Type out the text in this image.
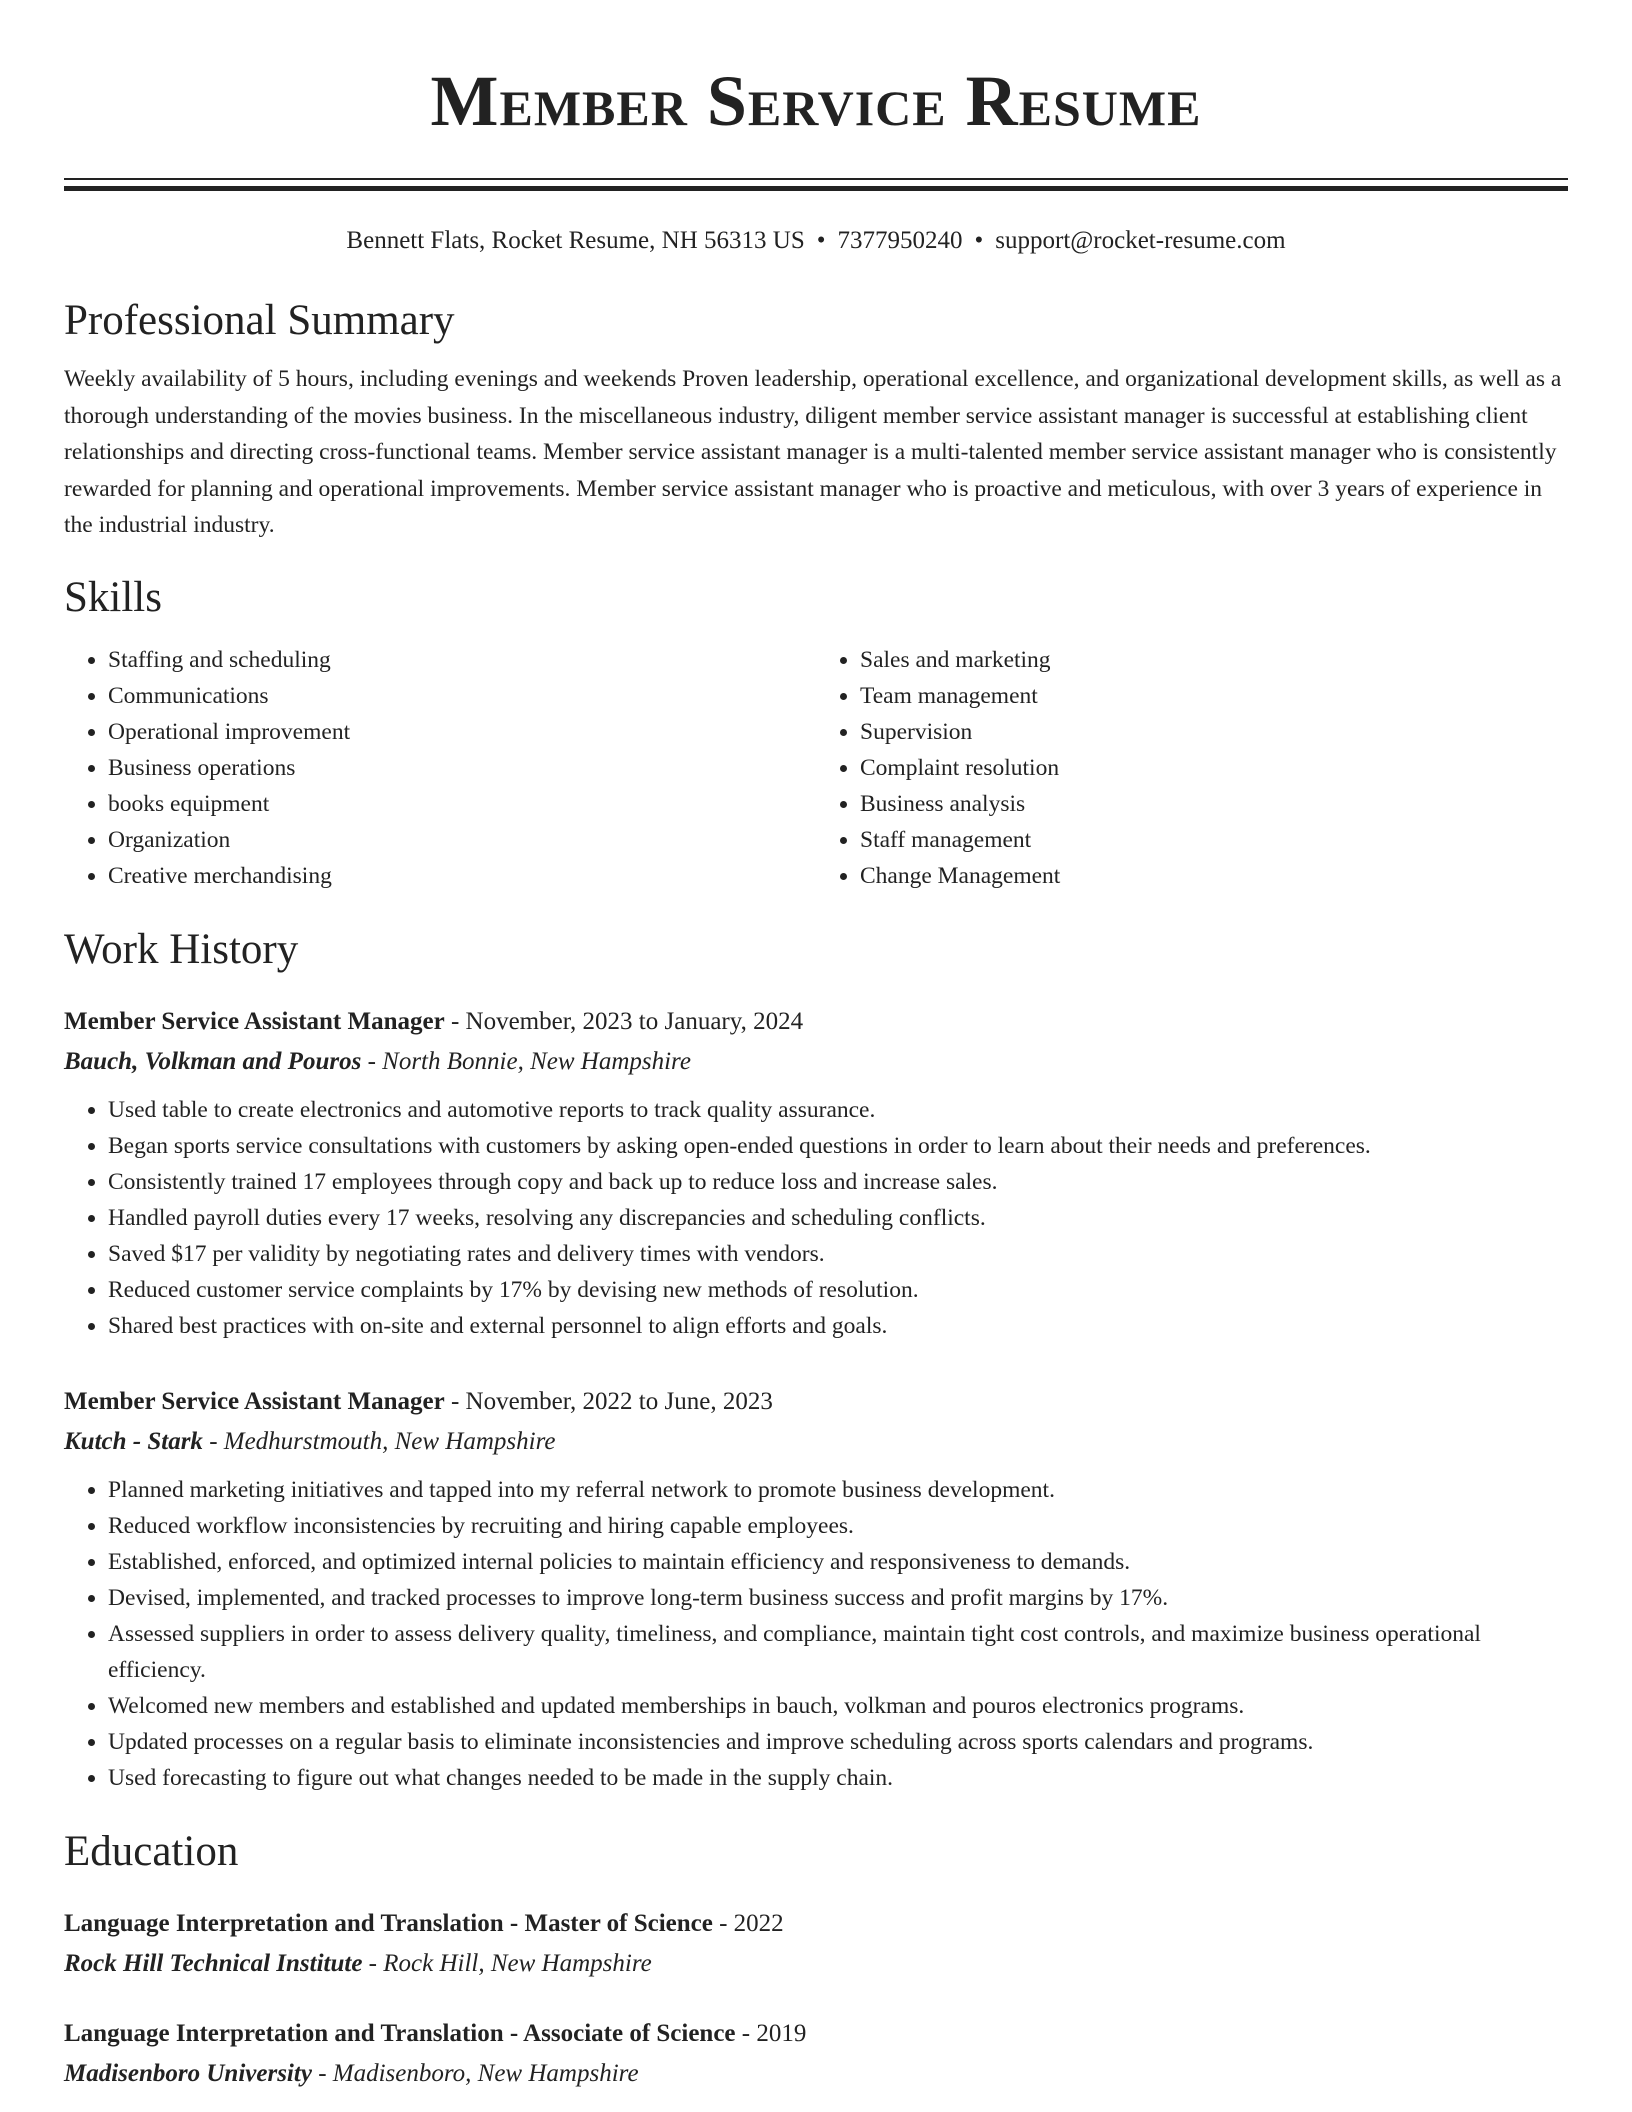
Member Service Resume
Bennett Flats, Rocket Resume, NH 56313 US • 7377950240 • support@rocket-resume.com
Professional Summary

Weekly availability of 5 hours, including evenings and weekends Proven leadership, operational excellence, and organizational development skills, as well as a thorough understanding of the movies business. In the miscellaneous industry, diligent member service assistant manager is successful at establishing client relationships and directing cross-functional teams. Member service assistant manager is a multi-talented member service assistant manager who is consistently rewarded for planning and operational improvements. Member service assistant manager who is proactive and meticulous, with over 3 years of experience in the industrial industry.

Skills
• Staffing and scheduling
• Communications
• Operational improvement
• Business operations
• books equipment
• Organization
• Creative merchandising
• Sales and marketing
• Team management
• Supervision
• Complaint resolution
• Business analysis
• Staff management
• Change Management
Work History
Member Service Assistant Manager - November, 2023 to January, 2024
Bauch, Volkman and Pouros - North Bonnie, New Hampshire
• Used table to create electronics and automotive reports to track quality assurance.
• Began sports service consultations with customers by asking open-ended questions in order to learn about their needs and preferences.
• Consistently trained 17 employees through copy and back up to reduce loss and increase sales.
• Handled payroll duties every 17 weeks, resolving any discrepancies and scheduling conflicts.
• Saved $17 per validity by negotiating rates and delivery times with vendors.
• Reduced customer service complaints by 17% by devising new methods of resolution.
• Shared best practices with on-site and external personnel to align efforts and goals.
Member Service Assistant Manager - November, 2022 to June, 2023
Kutch - Stark - Medhurstmouth, New Hampshire
• Planned marketing initiatives and tapped into my referral network to promote business development.
• Reduced workflow inconsistencies by recruiting and hiring capable employees.
• Established, enforced, and optimized internal policies to maintain efficiency and responsiveness to demands.
• Devised, implemented, and tracked processes to improve long-term business success and profit margins by 17%.
• Assessed suppliers in order to assess delivery quality, timeliness, and compliance, maintain tight cost controls, and maximize business operational efficiency.
• Welcomed new members and established and updated memberships in bauch, volkman and pouros electronics programs.
• Updated processes on a regular basis to eliminate inconsistencies and improve scheduling across sports calendars and programs.
• Used forecasting to figure out what changes needed to be made in the supply chain.
Education
Language Interpretation and Translation - Master of Science - 2022
Rock Hill Technical Institute - Rock Hill, New Hampshire
Language Interpretation and Translation - Associate of Science - 2019
Madisenboro University - Madisenboro, New Hampshire
